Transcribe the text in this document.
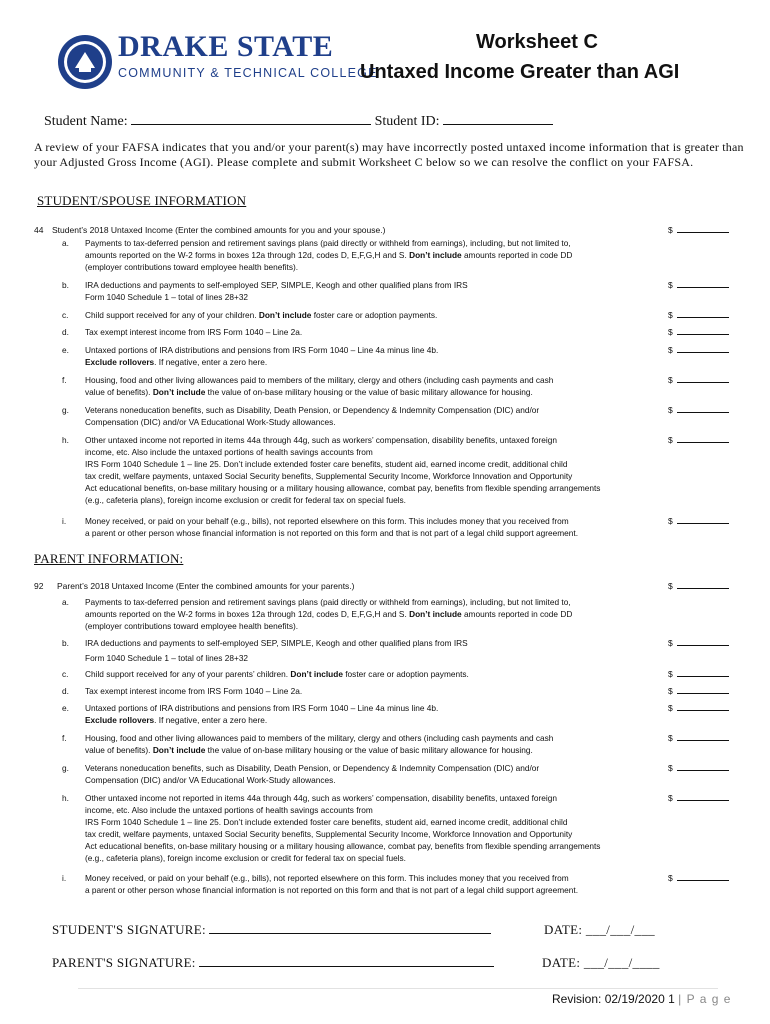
DRAKE STATE
COMMUNITY & TECHNICAL COLLEGE
Worksheet C
Untaxed Income Greater than AGI
Student Name:	Student ID:
A review of your FAFSA indicates that you and/or your parent(s) may have incorrectly posted untaxed income information that is greater than your Adjusted Gross Income (AGI). Please complete and submit Worksheet C below so we can resolve the conflict on your FAFSA.
STUDENT/SPOUSE INFORMATION
44 Student’s 2018 Untaxed Income (Enter the combined amounts for you and your spouse.)	$
a.	Payments to tax-deferred pension and retirement savings plans (paid directly or withheld from earnings), including, but not limited to,
amounts reported on the W-2 forms in boxes 12a through 12d, codes D, E,F,G,H and S. Don’t include amounts reported in code DD
(employer contributions toward employee health benefits).
b.	IRA deductions and payments to self-employed SEP, SIMPLE, Keogh and other qualified plans from IRS
Form 1040 Schedule 1 – total of lines 28+32
$
c.	Child support received for any of your children. Don’t include foster care or adoption payments.	$
d.	Tax exempt interest income from IRS Form 1040 – Line 2a.	$
e.	Untaxed portions of IRA distributions and pensions from IRS Form 1040 – Line 4a minus line 4b.
Exclude rollovers. If negative, enter a zero here.
$
f.	Housing, food and other living allowances paid to members of the military, clergy and others (including cash payments and cash
value of benefits). Don’t include the value of on-base military housing or the value of basic military allowance for housing.
$
g.	Veterans noneducation benefits, such as Disability, Death Pension, or Dependency & Indemnity Compensation (DIC) and/or
Compensation (DIC) and/or VA Educational Work-Study allowances.
$
h.	Other untaxed income not reported in items 44a through 44g, such as workers’ compensation, disability benefits, untaxed foreign
income, etc. Also include the untaxed portions of health savings accounts from
IRS Form 1040 Schedule 1 – line 25. Don’t include extended foster care benefits, student aid, earned income credit, additional child
tax credit, welfare payments, untaxed Social Security benefits, Supplemental Security Income, Workforce Innovation and Opportunity
Act educational benefits, on-base military housing or a military housing allowance, combat pay, benefits from flexible spending arrangements
(e.g., cafeteria plans), foreign income exclusion or credit for federal tax on special fuels.
$
i.	Money received, or paid on your behalf (e.g., bills), not reported elsewhere on this form. This includes money that you received from
a parent or other person whose financial information is not reported on this form and that is not part of a legal child support agreement.
$
PARENT INFORMATION:
92 Parent’s 2018 Untaxed Income (Enter the combined amounts for your parents.)	$
a.	Payments to tax-deferred pension and retirement savings plans (paid directly or withheld from earnings), including, but not limited to,
amounts reported on the W-2 forms in boxes 12a through 12d, codes D, E,F,G,H and S. Don’t include amounts reported in code DD
(employer contributions toward employee health benefits).
b.	IRA deductions and payments to self-employed SEP, SIMPLE, Keogh and other qualified plans from IRS
Form 1040 Schedule 1 – total of lines 28+32
$
c.	Child support received for any of your parents’ children. Don’t include foster care or adoption payments.	$
d.	Tax exempt interest income from IRS Form 1040 – Line 2a.	$
e.	Untaxed portions of IRA distributions and pensions from IRS Form 1040 – Line 4a minus line 4b.
Exclude rollovers. If negative, enter a zero here.
$
f.	Housing, food and other living allowances paid to members of the military, clergy and others (including cash payments and cash
value of benefits). Don’t include the value of on-base military housing or the value of basic military allowance for housing.
$
g.	Veterans noneducation benefits, such as Disability, Death Pension, or Dependency & Indemnity Compensation (DIC) and/or
Compensation (DIC) and/or VA Educational Work-Study allowances.
$
h.	Other untaxed income not reported in items 44a through 44g, such as workers’ compensation, disability benefits, untaxed foreign
income, etc. Also include the untaxed portions of health savings accounts from
IRS Form 1040 Schedule 1 – line 25. Don’t include extended foster care benefits, student aid, earned income credit, additional child
tax credit, welfare payments, untaxed Social Security benefits, Supplemental Security Income, Workforce Innovation and Opportunity
Act educational benefits, on-base military housing or a military housing allowance, combat pay, benefits from flexible spending arrangements
(e.g., cafeteria plans), foreign income exclusion or credit for federal tax on special fuels.
$
i.	Money received, or paid on your behalf (e.g., bills), not reported elsewhere on this form. This includes money that you received from
a parent or other person whose financial information is not reported on this form and that is not part of a legal child support agreement.
$
STUDENT'S SIGNATURE:	DATE: ___/___/___
PARENT'S SIGNATURE:	DATE: ___/___/____
Revision: 02/19/2020 1 | P a g e
